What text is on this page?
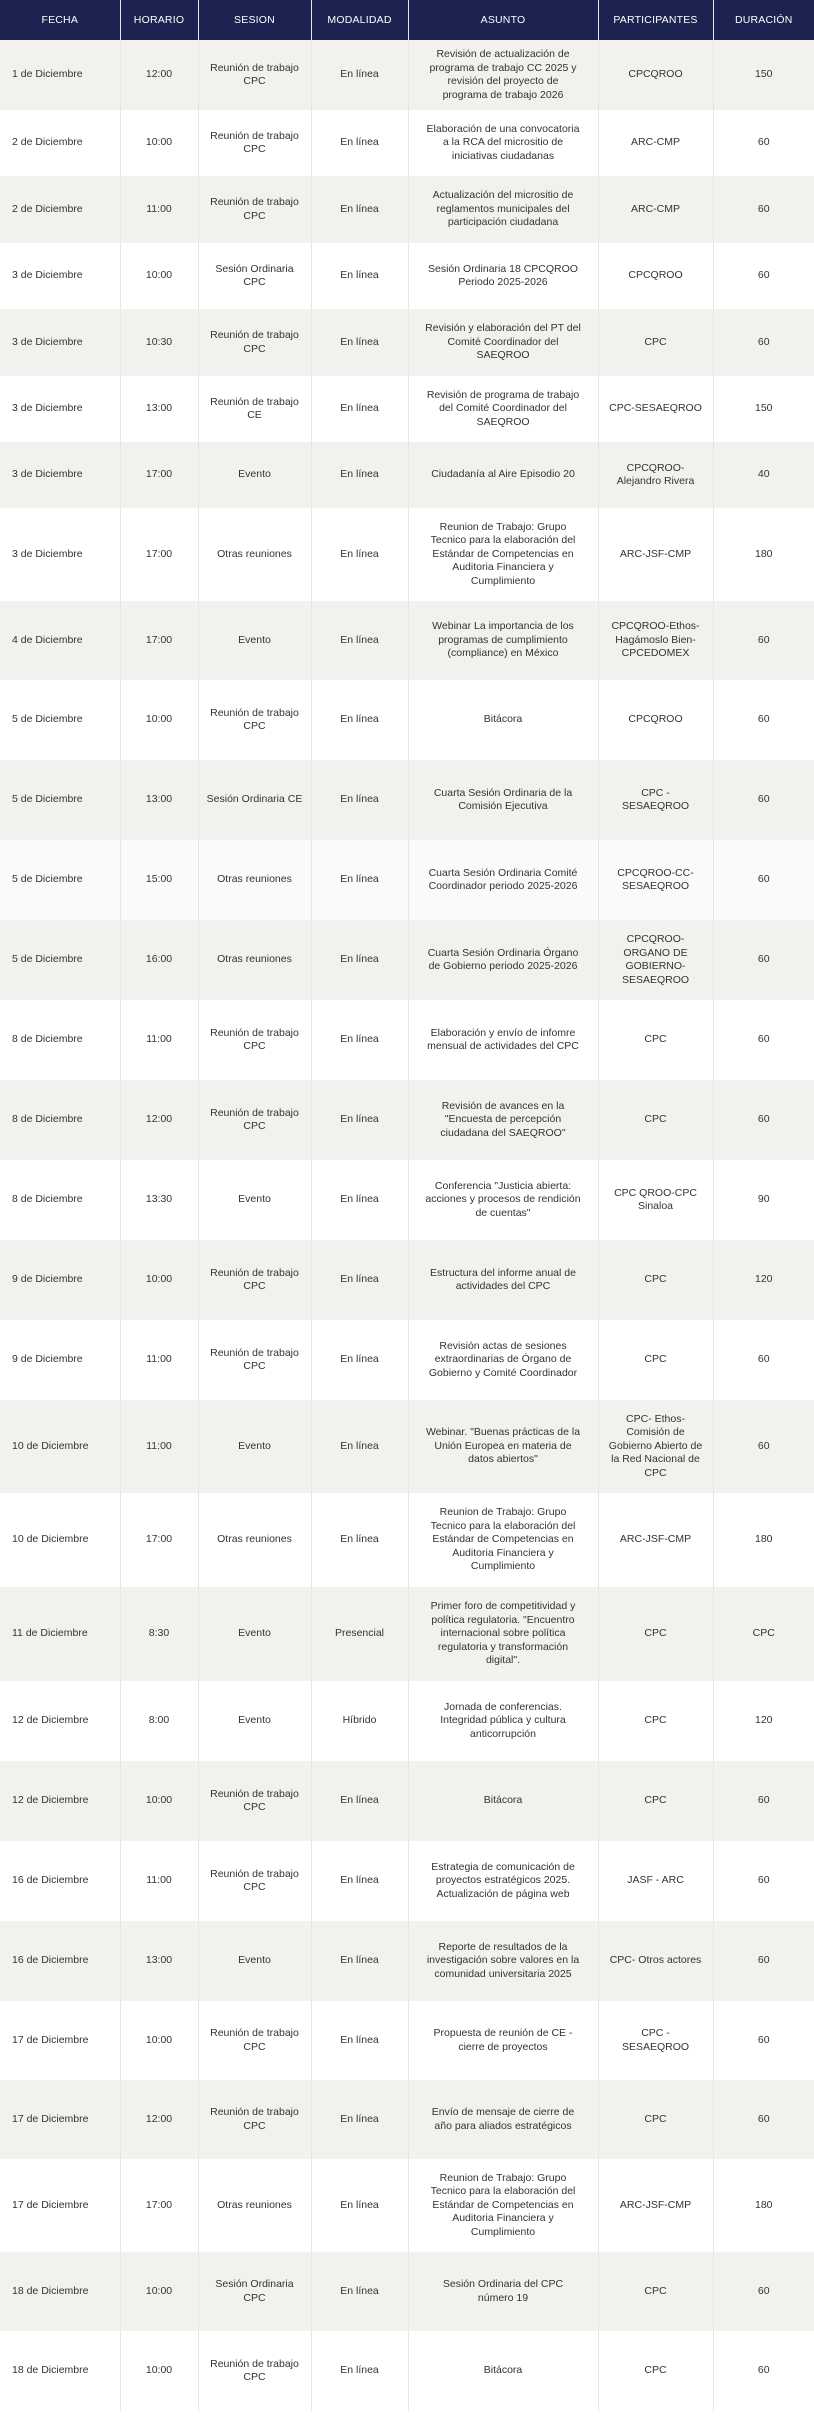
FECHA	HORARIO	SESION	MODALIDAD	ASUNTO	PARTICIPANTES	DURACIÓN
1 de Diciembre	12:00	Reunión de trabajo CPC	En línea	Revisión de actualización de programa de trabajo CC 2025 y revisión del proyecto de programa de trabajo 2026	CPCQROO	150
2 de Diciembre	10:00	Reunión de trabajo CPC	En línea	Elaboración de una convocatoria a la RCA del micrositio de iniciativas ciudadanas	ARC-CMP	60
2 de Diciembre	11:00	Reunión de trabajo CPC	En línea	Actualización del micrositio de reglamentos municipales del participación ciudadana	ARC-CMP	60
3 de Diciembre	10:00	Sesión Ordinaria CPC	En línea	Sesión Ordinaria 18 CPCQROO Periodo 2025-2026	CPCQROO	60
3 de Diciembre	10:30	Reunión de trabajo CPC	En línea	Revisión y elaboración del PT del Comité Coordinador del SAEQROO	CPC	60
3 de Diciembre	13:00	Reunión de trabajo CE	En línea	Revisión de programa de trabajo del Comité Coordinador del SAEQROO	CPC-SESAEQROO	150
3 de Diciembre	17:00	Evento	En línea	Ciudadanía al Aire Episodio 20	CPCQROO-Alejandro Rivera	40
3 de Diciembre	17:00	Otras reuniones	En línea	Reunion de Trabajo: Grupo Tecnico para la elaboración del Estándar de Competencias en Auditoria Financiera y Cumplimiento	ARC-JSF-CMP	180
4 de Diciembre	17:00	Evento	En línea	Webinar La importancia de los programas de cumplimiento (compliance) en México	CPCQROO-Ethos-Hagámoslo Bien-CPCEDOMEX	60
5 de Diciembre	10:00	Reunión de trabajo CPC	En línea	Bitácora	CPCQROO	60
5 de Diciembre	13:00	Sesión Ordinaria CE	En línea	Cuarta Sesión Ordinaria de la Comisión Ejecutiva	CPC - SESAEQROO	60
5 de Diciembre	15:00	Otras reuniones	En línea	Cuarta Sesión Ordinaria Comité Coordinador periodo 2025-2026	CPCQROO-CC-SESAEQROO	60
5 de Diciembre	16:00	Otras reuniones	En línea	Cuarta Sesión Ordinaria Órgano de Gobierno periodo 2025-2026	CPCQROO-ORGANO DE GOBIERNO-SESAEQROO	60
8 de Diciembre	11:00	Reunión de trabajo CPC	En línea	Elaboración y envío de infomre mensual de actividades del CPC	CPC	60
8 de Diciembre	12:00	Reunión de trabajo CPC	En línea	Revisión de avances en la "Encuesta de percepción ciudadana del SAEQROO"	CPC	60
8 de Diciembre	13:30	Evento	En línea	Conferencia "Justicia abierta: acciones y procesos de rendición de cuentas"	CPC QROO-CPC Sinaloa	90
9 de Diciembre	10:00	Reunión de trabajo CPC	En línea	Estructura del informe anual de actividades del CPC	CPC	120
9 de Diciembre	11:00	Reunión de trabajo CPC	En línea	Revisión actas de sesiones extraordinarias de Órgano de Gobierno y Comité Coordinador	CPC	60
10 de Diciembre	11:00	Evento	En línea	Webinar. "Buenas prácticas de la Unión Europea en materia de datos abiertos"	CPC- Ethos- Comisión de Gobierno Abierto de la Red Nacional de CPC	60
10 de Diciembre	17:00	Otras reuniones	En línea	Reunion de Trabajo: Grupo Tecnico para la elaboración del Estándar de Competencias en Auditoria Financiera y Cumplimiento	ARC-JSF-CMP	180
11 de Diciembre	8:30	Evento	Presencial	Primer foro de competitividad y política regulatoria. "Encuentro internacional sobre política regulatoria y transformación digital".	CPC	CPC
12 de Diciembre	8:00	Evento	Híbrido	Jornada de conferencias. Integridad pública y cultura anticorrupción	CPC	120
12 de Diciembre	10:00	Reunión de trabajo CPC	En línea	Bitácora	CPC	60
16 de Diciembre	11:00	Reunión de trabajo CPC	En línea	Estrategia de comunicación de proyectos estratégicos 2025. Actualización de página web	JASF - ARC	60
16 de Diciembre	13:00	Evento	En línea	Reporte de resultados de la investigación sobre valores en la comunidad universitaria 2025	CPC- Otros actores	60
17 de Diciembre	10:00	Reunión de trabajo CPC	En línea	Propuesta de reunión de CE - cierre de proyectos	CPC - SESAEQROO	60
17 de Diciembre	12:00	Reunión de trabajo CPC	En línea	Envío de mensaje de cierre de año para aliados estratégicos	CPC	60
17 de Diciembre	17:00	Otras reuniones	En línea	Reunion de Trabajo: Grupo Tecnico para la elaboración del Estándar de Competencias en Auditoria Financiera y Cumplimiento	ARC-JSF-CMP	180
18 de Diciembre	10:00	Sesión Ordinaria CPC	En línea	Sesión Ordinaria del CPC número 19	CPC	60
18 de Diciembre	10:00	Reunión de trabajo CPC	En línea	Bitácora	CPC	60
